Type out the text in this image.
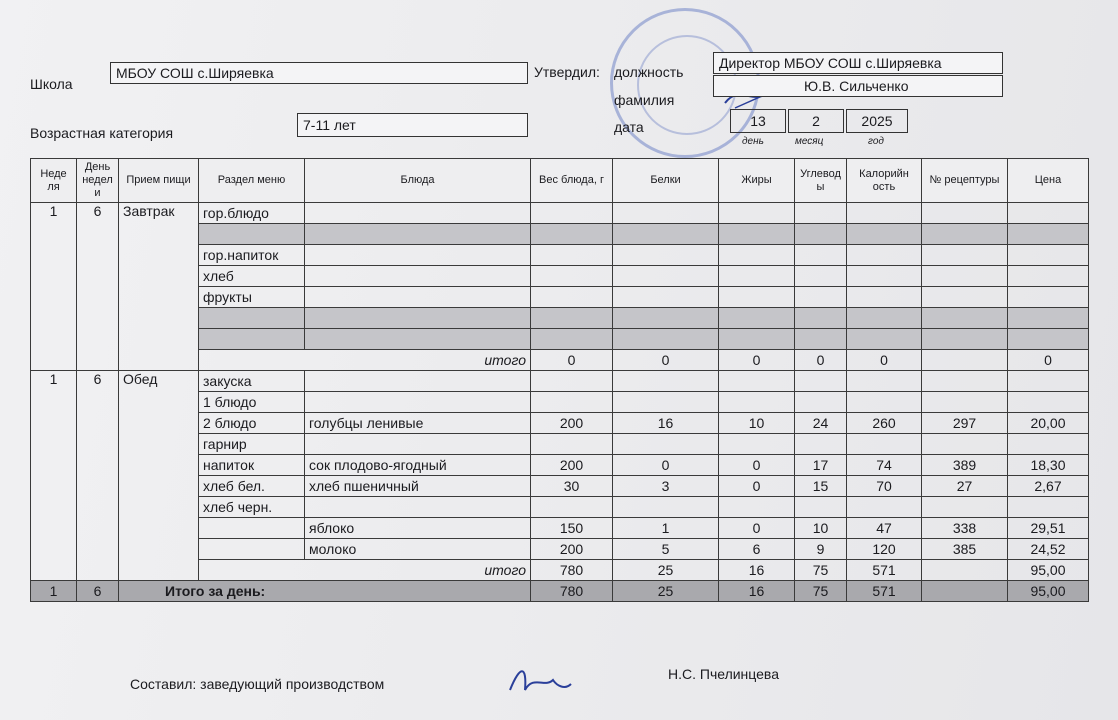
Школа
МБОУ СОШ с.Ширяевка
Возрастная категория	7-11 лет
Утвердил: должность
Директор МБОУ СОШ с.Ширяевка
фамилия
Ю.В. Сильченко
дата	13	2	2025
день	месяц	год
Неде ля	День недел и	Прием пищи	Раздел меню	Блюда	Вес блюда, г	Белки	Жиры	Углевод ы	Калорийн ость	№ рецептуры	Цена
1	6	Завтрак	гор.блюдо								

			гор.напиток								
			хлеб								
			фрукты								

			итого		0	0	0	0	0		0
1	6	Обед	закуска								
			1 блюдо								
			2 блюдо	голубцы ленивые	200	16	10	24	260	297	20,00
			гарнир								
			напиток	сок плодово-ягодный	200	0	0	17	74	389	18,30
			хлеб бел.	хлеб пшеничный	30	3	0	15	70	27	2,67
			хлеб черн.								
				яблоко	150	1	0	10	47	338	29,51
				молоко	200	5	6	9	120	385	24,52
			итого		780	25	16	75	571		95,00
1	6	Итого за день:			780	25	16	75	571		95,00
Составил: заведующий производством
Н.С. Пчелинцева
